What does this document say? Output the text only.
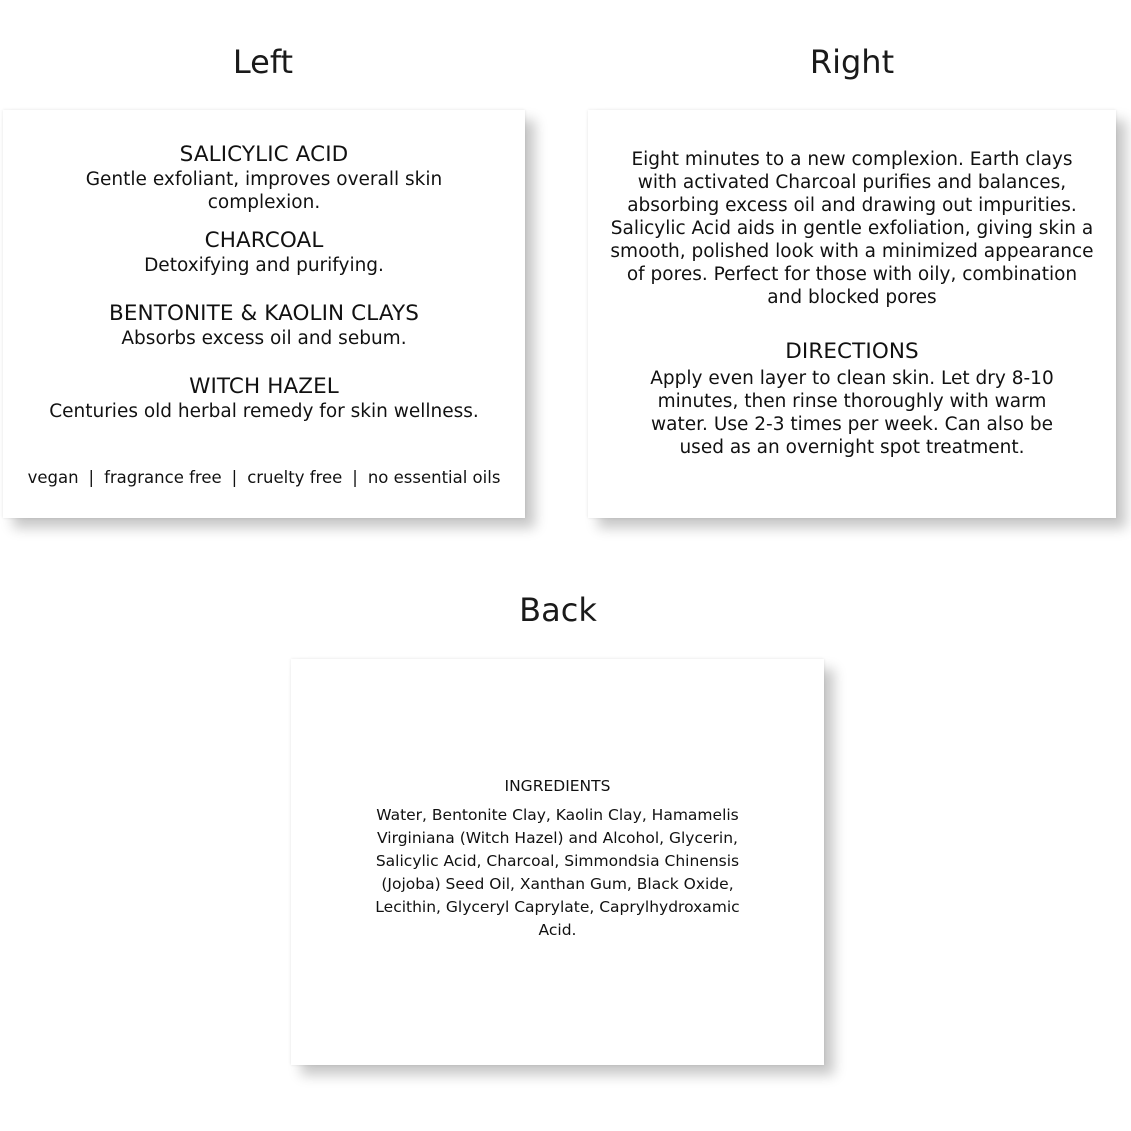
Left	Right
Back

SALICYLIC ACID

Gentle exfoliant, improves overall skin complexion.

CHARCOAL

Detoxifying and purifying.

BENTONITE & KAOLIN CLAYS

Absorbs excess oil and sebum.

WITCH HAZEL

Centuries old herbal remedy for skin wellness.

vegan | fragrance free | cruelty free | no essential oils

Eight minutes to a new complexion. Earth clays with activated Charcoal purifies and balances, absorbing excess oil and drawing out impurities. Salicylic Acid aids in gentle exfoliation, giving skin a smooth, polished look with a minimized appearance of pores. Perfect for those with oily, combination and blocked pores

DIRECTIONS

Apply even layer to clean skin. Let dry 8-10 minutes, then rinse thoroughly with warm water. Use 2-3 times per week. Can also be used as an overnight spot treatment.

INGREDIENTS

Water, Bentonite Clay, Kaolin Clay, Hamamelis Virginiana (Witch Hazel) and Alcohol, Glycerin, Salicylic Acid, Charcoal, Simmondsia Chinensis (Jojoba) Seed Oil, Xanthan Gum, Black Oxide, Lecithin, Glyceryl Caprylate, Caprylhydroxamic Acid.
